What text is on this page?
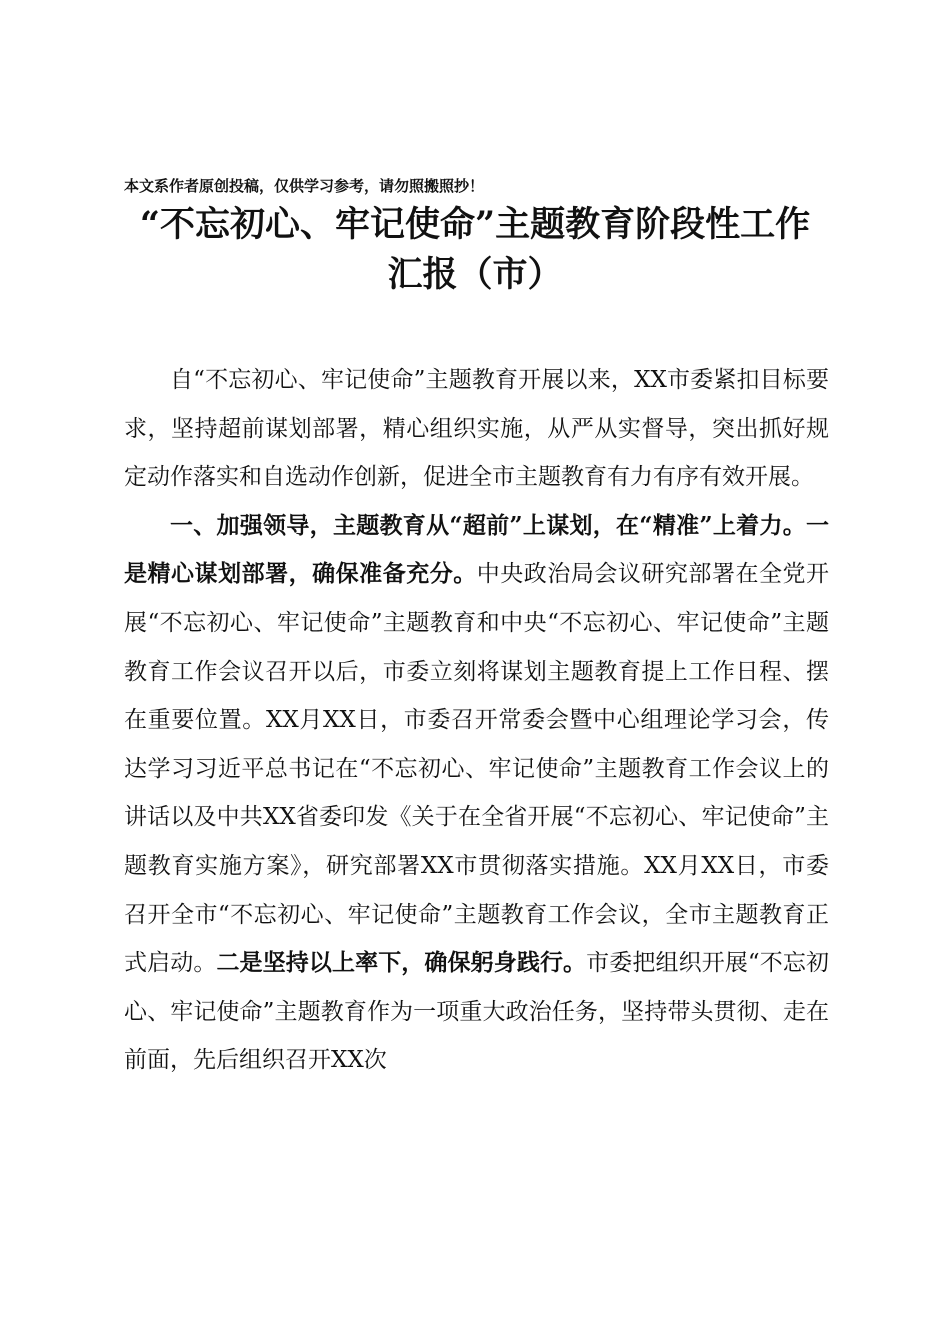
本文系作者原创投稿，仅供学习参考，请勿照搬照抄！
“不忘初心、牢记使命”主题教育阶段性工作
汇报（市）

自“不忘初心、牢记使命”主题教育开展以来，XX市委紧扣目标要求，坚持超前谋划部署，精心组织实施，从严从实督导，突出抓好规定动作落实和自选动作创新，促进全市主题教育有力有序有效开展。

一、加强领导，主题教育从“超前”上谋划，在“精准”上着力。一是精心谋划部署，确保准备充分。中央政治局会议研究部署在全党开展“不忘初心、牢记使命”主题教育和中央“不忘初心、牢记使命”主题教育工作会议召开以后，市委立刻将谋划主题教育提上工作日程、摆在重要位置。XX月XX日，市委召开常委会暨中心组理论学习会，传达学习习近平总书记在“不忘初心、牢记使命”主题教育工作会议上的讲话以及中共XX省委印发《关于在全省开展“不忘初心、牢记使命”主题教育实施方案》，研究部署XX市贯彻落实措施。XX月XX日，市委召开全市“不忘初心、牢记使命”主题教育工作会议，全市主题教育正式启动。二是坚持以上率下，确保躬身践行。市委把组织开展“不忘初心、牢记使命”主题教育作为一项重大政治任务，坚持带头贯彻、走在前面，先后组织召开XX次
